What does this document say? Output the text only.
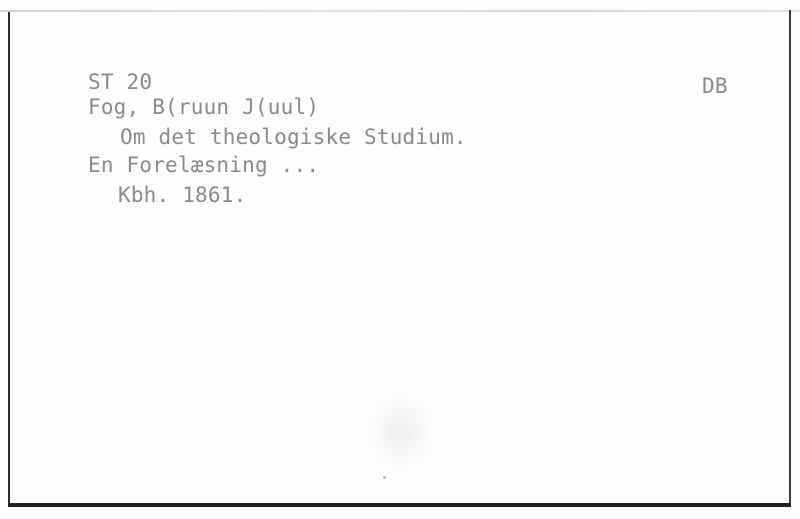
ST 20	DB
Fog, B(ruun J(uul)
Om det theologiske Studium.
En Forelæsning ...
Kbh. 1861.
